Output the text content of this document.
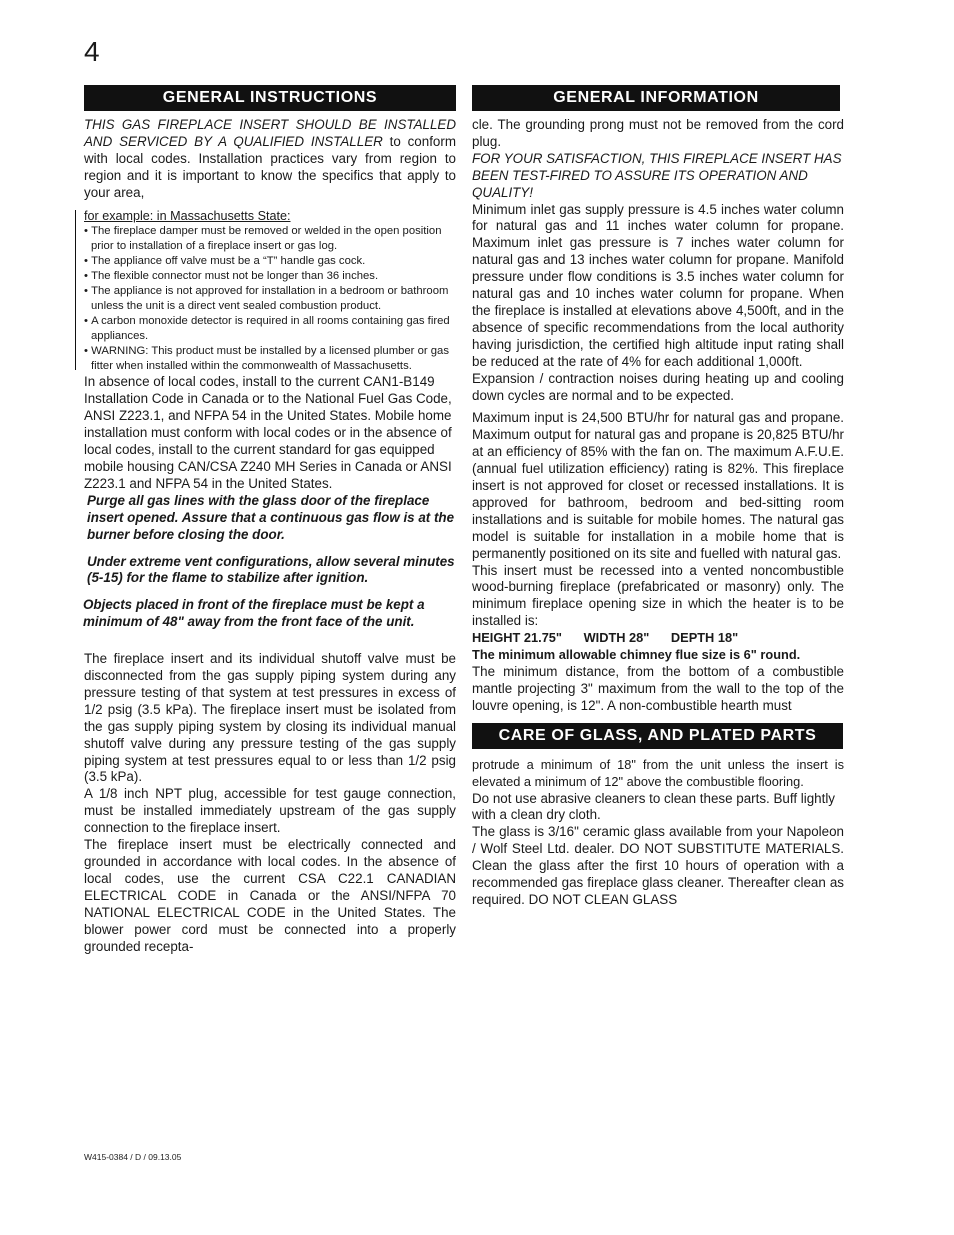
4
GENERAL INSTRUCTIONS

THIS GAS FIREPLACE INSERT SHOULD BE INSTALLED AND SERVICED BY A QUALIFIED INSTALLER to conform with local codes. Installation practices vary from region to region and it is important to know the specifics that apply to your area,

for example: in Massachusetts State:

• The fireplace damper must be removed or welded in the open position prior to installation of a fireplace insert or gas log.
• The appliance off valve must be a “T” handle gas cock.
• The flexible connector must not be longer than 36 inches.
• The appliance is not approved for installation in a bedroom or bathroom unless the unit is a direct vent sealed combustion product.
• A carbon monoxide detector is required in all rooms containing gas fired appliances.
• WARNING: This product must be installed by a licensed plumber or gas fitter when installed within the commonwealth of Massachusetts.

In absence of local codes, install to the current CAN1-B149 Installation Code in Canada or to the National Fuel Gas Code, ANSI Z223.1, and NFPA 54 in the United States. Mobile home installation must conform with local codes or in the absence of local codes, install to the current standard for gas equipped mobile housing CAN/CSA Z240 MH Series in Canada or ANSI Z223.1 and NFPA 54 in the United States.

Purge all gas lines with the glass door of the fireplace insert opened. Assure that a continuous gas flow is at the burner before closing the door.

Under extreme vent configurations, allow several minutes (5-15) for the flame to stabilize after ignition.

Objects placed in front of the fireplace must be kept a minimum of 48" away from the front face of the unit.

The fireplace insert and its individual shutoff valve must be disconnected from the gas supply piping system during any pressure testing of that system at test pressures in excess of 1/2 psig (3.5 kPa). The fireplace insert must be isolated from the gas supply piping system by closing its individual manual shutoff valve during any pressure testing of the gas supply piping system at test pressures equal to or less than 1/2 psig (3.5 kPa).

A 1/8 inch NPT plug, accessible for test gauge connection, must be installed immediately upstream of the gas supply connection to the fireplace insert.

The fireplace insert must be electrically connected and grounded in accordance with local codes. In the absence of local codes, use the current CSA C22.1 CANADIAN ELECTRICAL CODE in Canada or the ANSI/NFPA 70 NATIONAL ELECTRICAL CODE in the United States. The blower power cord must be connected into a properly grounded recepta-

GENERAL INFORMATION

cle. The grounding prong must not be removed from the cord plug.

FOR YOUR SATISFACTION, THIS FIREPLACE INSERT HAS BEEN TEST-FIRED TO ASSURE ITS OPERATION AND QUALITY!

Minimum inlet gas supply pressure is 4.5 inches water column for natural gas and 11 inches water column for propane. Maximum inlet gas pressure is 7 inches water column for natural gas and 13 inches water column for propane. Manifold pressure under flow conditions is 3.5 inches water column for natural gas and 10 inches water column for propane. When the fireplace is installed at elevations above 4,500ft, and in the absence of specific recommendations from the local authority having jurisdiction, the certified high altitude input rating shall be reduced at the rate of 4% for each additional 1,000ft.

Expansion / contraction noises during heating up and cooling down cycles are normal and to be expected.

Maximum input is 24,500 BTU/hr for natural gas and propane. Maximum output for natural gas and propane is 20,825 BTU/hr at an efficiency of 85% with the fan on. The maximum A.F.U.E. (annual fuel utilization efficiency) rating is 82%. This fireplace insert is not approved for closet or recessed installations. It is approved for bathroom, bedroom and bed-sitting room installations and is suitable for mobile homes. The natural gas model is suitable for installation in a mobile home that is permanently positioned on its site and fuelled with natural gas.

This insert must be recessed into a vented noncombustible wood-burning fireplace (prefabricated or masonry) only. The minimum fireplace opening size in which the heater is to be installed is:

HEIGHT 21.75" WIDTH 28" DEPTH 18"

The minimum allowable chimney flue size is 6" round.

The minimum distance, from the bottom of a combustible mantle projecting 3" maximum from the wall to the top of the louvre opening, is 12". A non-combustible hearth must

CARE OF GLASS, AND PLATED PARTS

protrude a minimum of 18" from the unit unless the insert is elevated a minimum of 12" above the combustible flooring.

Do not use abrasive cleaners to clean these parts. Buff lightly with a clean dry cloth.

The glass is 3/16" ceramic glass available from your Napoleon / Wolf Steel Ltd. dealer. DO NOT SUBSTITUTE MATERIALS. Clean the glass after the first 10 hours of operation with a recommended gas fireplace glass cleaner. Thereafter clean as required. DO NOT CLEAN GLASS

W415-0384 / D / 09.13.05
